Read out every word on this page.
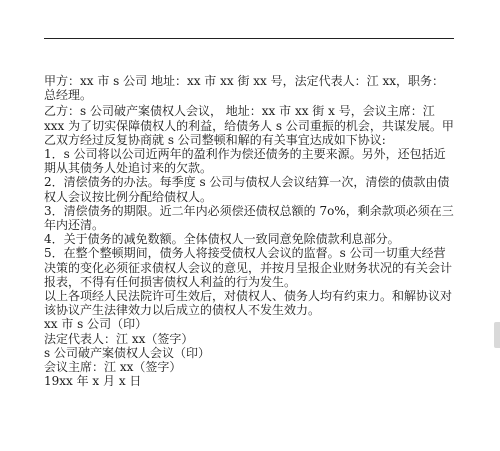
甲方：xx 市 s 公司 地址：xx 市 xx 街 xx 号，法定代表人：江 xx，职务：总经理。

乙方：s 公司破产案债权人会议， 地址：xx 市 xx 街 x 号，会议主席：江 xxx 为了切实保障债权人的利益，给债务人 s 公司重振的机会，共谋发展。甲乙双方经过反复协商就 s 公司整顿和解的有关事宜达成如下协议:

1．s 公司将以公司近两年的盈利作为偿还债务的主要来源。另外，还包括近期从其债务人处追讨来的欠款。

2．清偿债务的办法。每季度 s 公司与债权人会议结算一次，清偿的债款由债权人会议按比例分配给债权人。

3．清偿债务的期限。近二年内必须偿还债权总额的 7o%，剩余款项必须在三年内还清。

4．关于债务的减免数额。全体债权人一致同意免除债款利息部分。

5．在整个整顿期间，债务人将接受债权人会议的监督。s 公司一切重大经营决策的变化必须征求债权人会议的意见，并按月呈报企业财务状况的有关会计报表，不得有任何损害债权人利益的行为发生。

以上各项经人民法院许可生效后，对债权人、债务人均有约束力。和解协议对该协议产生法律效力以后成立的债权人不发生效力。

xx 市 s 公司（印）

法定代表人：江 xx（签字）

s 公司破产案债权人会议（印）

会议主席：江 xx（签字）

19xx 年 x 月 x 日
